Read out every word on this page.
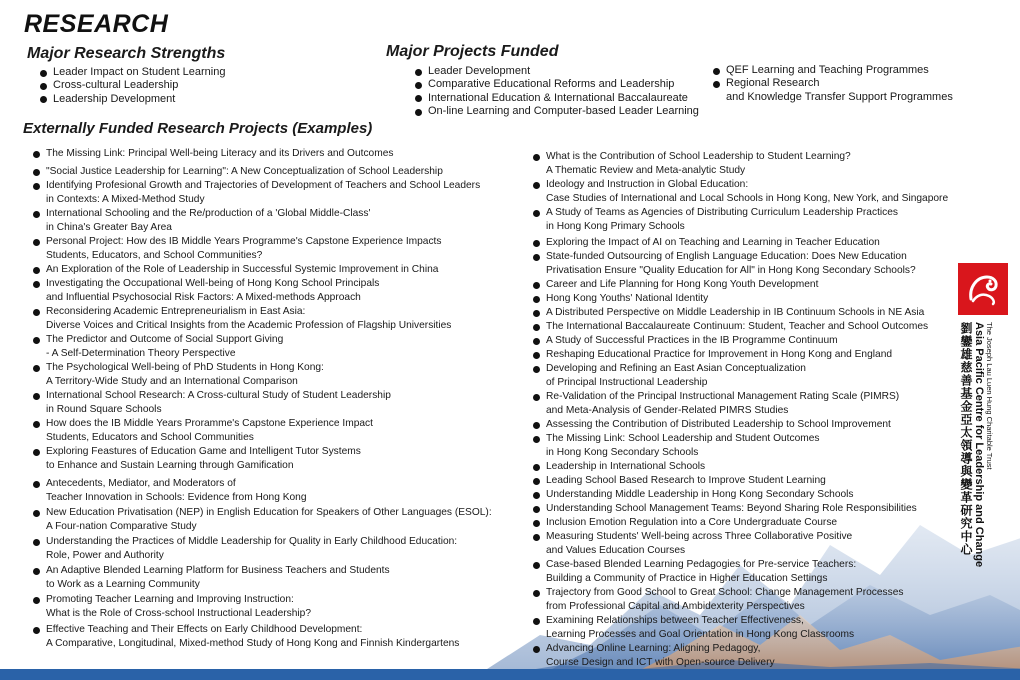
RESEARCH
Major Research Strengths
Leader Impact on Student Learning
Cross-cultural Leadership
Leadership Development
Major Projects Funded
Leader Development
Comparative Educational Reforms and Leadership
International Education & International Baccalaureate
On-line Learning and Computer-based Leader Learning
QEF Learning and Teaching Programmes
Regional Research
and Knowledge Transfer Support Programmes
Externally Funded Research Projects (Examples)
The Missing Link: Principal Well-being Literacy and its Drivers and Outcomes
"Social Justice Leadership for Learning": A New Conceptualization of School Leadership
Identifying Profesional Growth and Trajectories of Development of Teachers and School Leaders
in Contexts: A Mixed-Method Study
International Schooling and the Re/production of a 'Global Middle-Class'
in China's Greater Bay Area
Personal Project: How des IB Middle Years Programme's Capstone Experience Impacts
Students, Educators, and School Communities?
An Exploration of the Role of Leadership in Successful Systemic Improvement in China
Investigating the Occupational Well-being of Hong Kong School Principals
and Influential Psychosocial Risk Factors: A Mixed-methods Approach
Reconsidering Academic Entrepreneurialism in East Asia:
Diverse Voices and Critical Insights from the Academic Profession of Flagship Universities
The Predictor and Outcome of Social Support Giving
- A Self-Determination Theory Perspective
The Psychological Well-being of PhD Students in Hong Kong:
A Territory-Wide Study and an International Comparison
International School Research: A Cross-cultural Study of Student Leadership
in Round Square Schools
How does the IB Middle Years Proramme's Capstone Experience Impact
Students, Educators and School Communities
Exploring Feastures of Education Game and Intelligent Tutor Systems
to Enhance and Sustain Learning through Gamification
Antecedents, Mediator, and Moderators of
Teacher Innovation in Schools: Evidence from Hong Kong
New Education Privatisation (NEP) in English Education for Speakers of Other Languages (ESOL):
A Four-nation Comparative Study
Understanding the Practices of Middle Leadership for Quality in Early Childhood Education:
Role, Power and Authority
An Adaptive Blended Learning Platform for Business Teachers and Students
to Work as a Learning Community
Promoting Teacher Learning and Improving Instruction:
What is the Role of Cross-school Instructional Leadership?
Effective Teaching and Their Effects on Early Childhood Development:
A Comparative, Longitudinal, Mixed-method Study of Hong Kong and Finnish Kindergartens
What is the Contribution of School Leadership to Student Learning?
A Thematic Review and Meta-analytic Study
Ideology and Instruction in Global Education:
Case Studies of International and Local Schools in Hong Kong, New York, and Singapore
A Study of Teams as Agencies of Distributing Curriculum Leadership Practices
in Hong Kong Primary Schools
Exploring the Impact of AI on Teaching and Learning in Teacher Education
State-funded Outsourcing of English Language Education: Does New Education
Privatisation Ensure "Quality Education for All" in Hong Kong Secondary Schools?
Career and Life Planning for Hong Kong Youth Development
Hong Kong Youths' National Identity
A Distributed Perspective on Middle Leadership in IB Continuum Schools in NE Asia
The International Baccalaureate Continuum: Student, Teacher and School Outcomes
A Study of Successful Practices in the IB Programme Continuum
Reshaping Educational Practice for Improvement in Hong Kong and England
Developing and Refining an East Asian Conceptualization
of Principal Instructional Leadership
Re-Validation of the Principal Instructional Management Rating Scale (PIMRS)
and Meta-Analysis of Gender-Related PIMRS Studies
Assessing the Contribution of Distributed Leadership to School Improvement
The Missing Link: School Leadership and Student Outcomes
in Hong Kong Secondary Schools
Leadership in International Schools
Leading School Based Research to Improve Student Learning
Understanding Middle Leadership in Hong Kong Secondary Schools
Understanding School Management Teams: Beyond Sharing Role Responsibilities
Inclusion Emotion Regulation into a Core Undergraduate Course
Measuring Students' Well-being across Three Collaborative Positive
and Values Education Courses
Case-based Blended Learning Pedagogies for Pre-service Teachers:
Building a Community of Practice in Higher Education Settings
Trajectory from Good School to Great School: Change Management Processes
from Professional Capital and Ambidexterity Perspectives
Examining Relationships between Teacher Effectiveness,
Learning Processes and Goal Orientation in Hong Kong Classrooms
Advancing Online Learning: Aligning Pedagogy,
Course Design and ICT with Open-source Delivery
The Joseph Lau Luen Hung Charitable Trust
Asia Pacific Centre for Leadership and Change
劉鑾雄慈善基金亞太領導與變革研究中心
